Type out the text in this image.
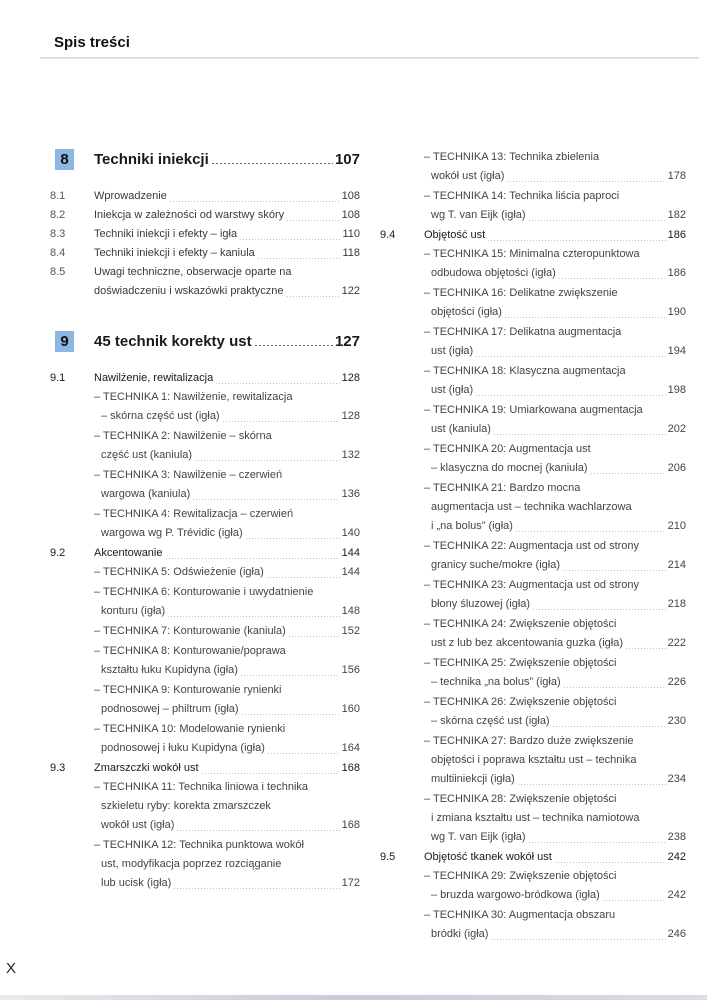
Spis treści
8	Techniki iniekcji	107
8.1	Wprowadzenie	108
8.2	Iniekcja w zależności od warstwy skóry	108
8.3	Techniki iniekcji i efekty – igła	110
8.4	Techniki iniekcji i efekty – kaniula	118
8.5	Uwagi techniczne, obserwacje oparte na
doświadczeniu i wskazówki praktyczne	122
9	45 technik korekty ust	127
9.1	Nawilżenie, rewitalizacja	128
– TECHNIKA 1: Nawilżenie, rewitalizacja
– skórna część ust (igła)	128
– TECHNIKA 2: Nawilżenie – skórna
część ust (kaniula)	132
– TECHNIKA 3: Nawilżenie – czerwień
wargowa (kaniula)	136
– TECHNIKA 4: Rewitalizacja – czerwień
wargowa wg P. Trévidic (igła)	140
9.2	Akcentowanie	144
– TECHNIKA 5: Odświeżenie (igła)	144
– TECHNIKA 6: Konturowanie i uwydatnienie
konturu (igła)	148
– TECHNIKA 7: Konturowanie (kaniula)	152
– TECHNIKA 8: Konturowanie/poprawa
kształtu łuku Kupidyna (igła)	156
– TECHNIKA 9: Konturowanie rynienki
podnosowej – philtrum (igła)	160
– TECHNIKA 10: Modelowanie rynienki
podnosowej i łuku Kupidyna (igła)	164
9.3	Zmarszczki wokół ust	168
– TECHNIKA 11: Technika liniowa i technika
szkieletu ryby: korekta zmarszczek
wokół ust (igła)	168
– TECHNIKA 12: Technika punktowa wokół
ust, modyfikacja poprzez rozciąganie
lub ucisk (igła)	172
– TECHNIKA 13: Technika zbielenia
wokół ust (igła)	178
– TECHNIKA 14: Technika liścia paproci
wg T. van Eijk (igła)	182
9.4	Objętość ust	186
– TECHNIKA 15: Minimalna czteropunktowa
odbudowa objętości (igła)	186
– TECHNIKA 16: Delikatne zwiększenie
objętości (igła)	190
– TECHNIKA 17: Delikatna augmentacja
ust (igła)	194
– TECHNIKA 18: Klasyczna augmentacja
ust (igła)	198
– TECHNIKA 19: Umiarkowana augmentacja
ust (kaniula)	202
– TECHNIKA 20: Augmentacja ust
– klasyczna do mocnej (kaniula)	206
– TECHNIKA 21: Bardzo mocna
augmentacja ust – technika wachlarzowa
i „na bolus” (igła)	210
– TECHNIKA 22: Augmentacja ust od strony
granicy suche/mokre (igła)	214
– TECHNIKA 23: Augmentacja ust od strony
błony śluzowej (igła)	218
– TECHNIKA 24: Zwiększenie objętości
ust z lub bez akcentowania guzka (igła)	222
– TECHNIKA 25: Zwiększenie objętości
– technika „na bolus” (igła)	226
– TECHNIKA 26: Zwiększenie objętości
– skórna część ust (igła)	230
– TECHNIKA 27: Bardzo duże zwiększenie
objętości i poprawa kształtu ust – technika
multiiniekcji (igła)	234
– TECHNIKA 28: Zwiększenie objętości
i zmiana kształtu ust – technika namiotowa
wg T. van Eijk (igła)	238
9.5	Objętość tkanek wokół ust	242
– TECHNIKA 29: Zwiększenie objętości
– bruzda wargowo-bródkowa (igła)	242
– TECHNIKA 30: Augmentacja obszaru
bródki (igła)	246
X
